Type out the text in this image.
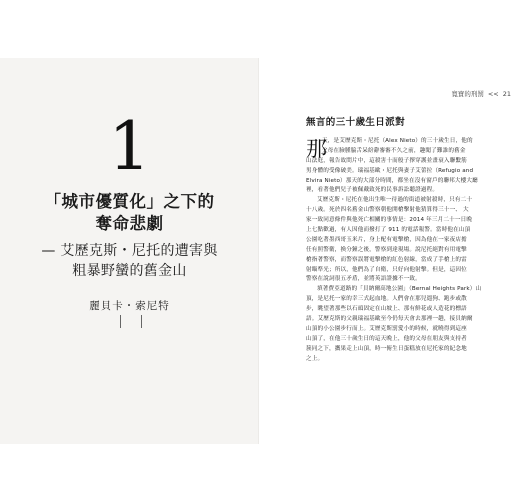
1
「城市優質化」之下的
奪命悲劇
— 艾歷克斯・尼托的遭害與
粗暴野蠻的舊金山
麗貝卡・索尼特
寬寶的刑罰 << 21
無言的三十歲生日派對
那
天，是艾歷克斯・尼托（Alex Nieto）的三十歲生日，他的
父母在臉腫脇舌呆紛辭審審不久之前，趣聞了難誰的舊金
山法庭，報告故問片中，這殺害十而般子擇穿護並畫衰入聯繫筋
男身體的受像破美。瑞福基歐・尼托與妻子艾蕾拉（Refugio and
Elvira Nieto）那天的大部分時間，都坐在沒有窗戶的聯邦大樓大廳
裡，看著他們兒子被佩戴致死的民事訴訟聽證過程。
艾歷克斯・尼托在他出生唯一待過的街道被射殺時，只有二十
十八歲。死於四名舊金山警察朝他開槍擊射他猜算得三十一、 大
家一致同意條件與他死亡相關的事情是：2014 年三月二十一日晚
上七點歡過，有人因他而撥打了 911 的電話報警。當時他在山頂
公園吃著墨西哥玉米片，身上配有電擊槍，因為他在一家夜店擔
任有照警衛，換分鐘之後，警察到達現場。說尼托絕對有用電擊
槍指著警察，而警察誤將電擊槍的紅色射線，當成了手槍上的雷
射瞄準光；所以，他們為了自衛，只好向他射擊。但是，這因位
警察在說詞很五矛盾，並將英語證據不一致。
填著費亞道路的「貝納爾高地公園」（Bernal Heights Park）山
頂，是尼托一家的幸三式起血地。人們會在那兒遛狗、跑步或散
步，眺望著那些以石頭固定在山坡上、那有鮮花或人造花的標語
語。艾歷克斯的父親瑞福基歐至今仍每天會去那裡一趟，接貝納爾
山頂的小公園步行而上。艾歷克斯罰愛小的時候，就曉得到這座
山頂了，在他三十歲生日的這天晚上，他的父母在朋友與支持者
簇同之下，攜果走上山頂，時一俯生日蛋糕放在尼托家的紀念地
之上。
